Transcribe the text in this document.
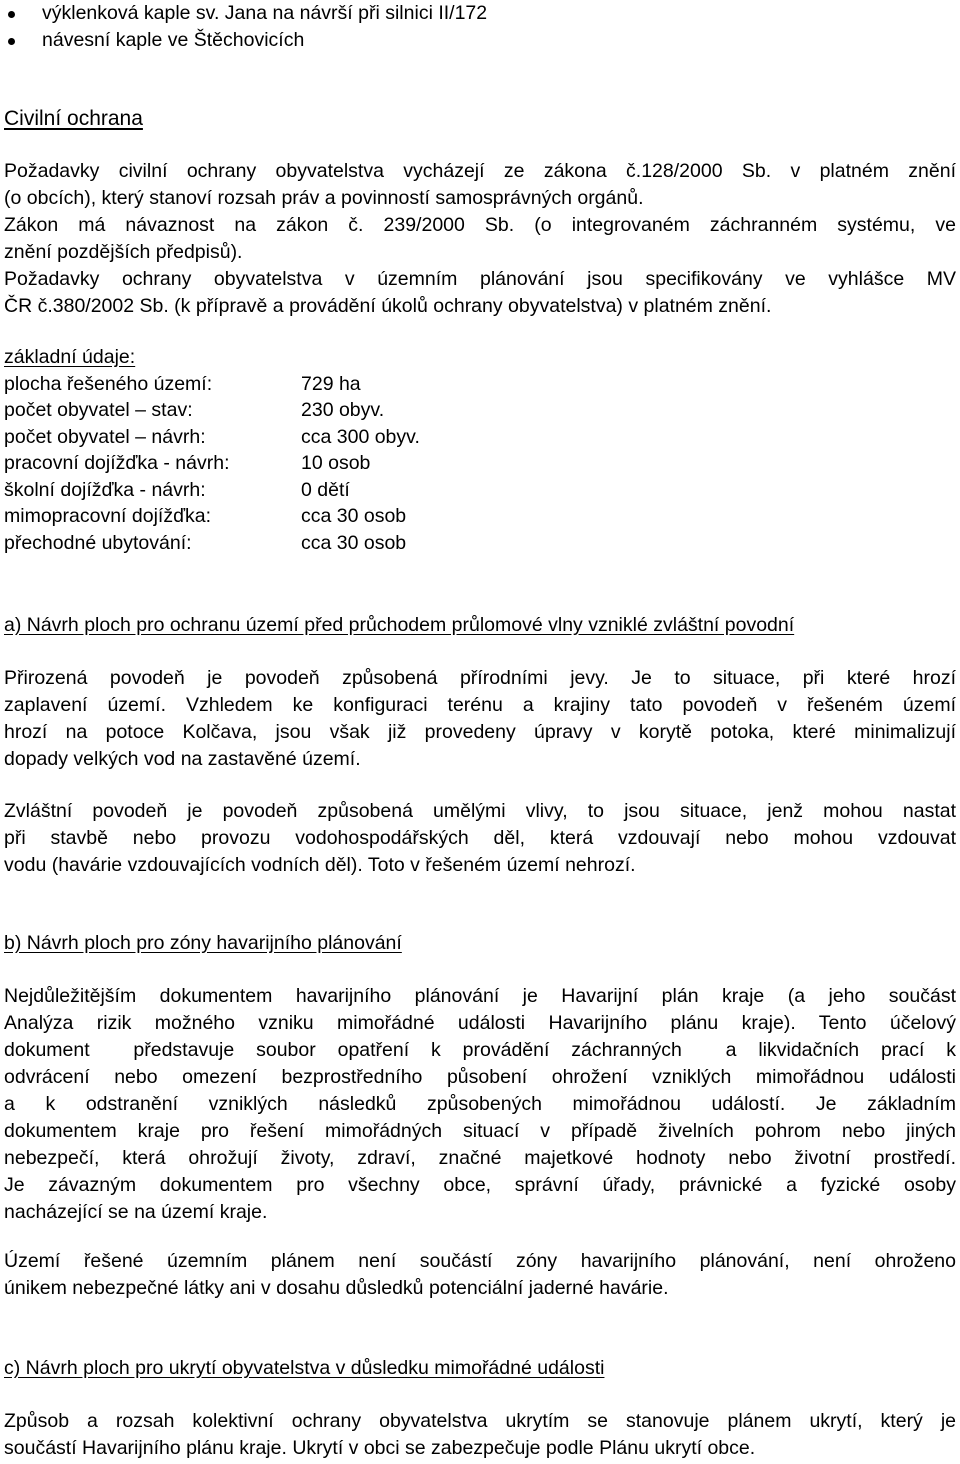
výklenková kaple sv. Jana na návrší při silnici II/172
návesní kaple ve Štěchovicích
Civilní ochrana
Požadavky civilní ochrany obyvatelstva vycházejí ze zákona č.128/2000 Sb. v platném znění
(o obcích), který stanoví rozsah práv a povinností samosprávných orgánů.
Zákon má návaznost na zákon č. 239/2000 Sb. (o integrovaném záchranném systému, ve
znění pozdějších předpisů).
Požadavky ochrany obyvatelstva v územním plánování jsou specifikovány ve vyhlášce MV
ČR č.380/2002 Sb. (k přípravě a provádění úkolů ochrany obyvatelstva) v platném znění.
základní údaje:
plocha řešeného území:	729 ha
počet obyvatel – stav:	230 obyv.
počet obyvatel – návrh:	cca 300 obyv.
pracovní dojížďka - návrh:	10 osob
školní dojížďka - návrh:	0 dětí
mimopracovní dojížďka:	cca 30 osob
přechodné ubytování:	cca 30 osob
a) Návrh ploch pro ochranu území před průchodem průlomové vlny vzniklé zvláštní povodní
Přirozená povodeň je povodeň způsobená přírodními jevy. Je to situace, při které hrozí
zaplavení území. Vzhledem ke konfiguraci terénu a krajiny tato povodeň v řešeném území
hrozí na potoce Kolčava, jsou však již provedeny úpravy v korytě potoka, které minimalizují
dopady velkých vod na zastavěné území.
Zvláštní povodeň je povodeň způsobená umělými vlivy, to jsou situace, jenž mohou nastat
při stavbě nebo provozu vodohospodářských děl, která vzdouvají nebo mohou vzdouvat
vodu (havárie vzdouvajících vodních děl). Toto v řešeném území nehrozí.
b) Návrh ploch pro zóny havarijního plánování
Nejdůležitějším dokumentem havarijního plánování je Havarijní plán kraje (a jeho součást
Analýza rizik možného vzniku mimořádné události Havarijního plánu kraje). Tento účelový
dokument  představuje soubor opatření k provádění záchranných  a likvidačních prací k
odvrácení nebo omezení bezprostředního působení ohrožení vzniklých mimořádnou události
a k odstranění vzniklých následků způsobených mimořádnou událostí. Je základním
dokumentem kraje pro řešení mimořádných situací v případě živelních pohrom nebo jiných
nebezpečí, která ohrožují životy, zdraví, značné majetkové hodnoty nebo životní prostředí.
Je závazným dokumentem pro všechny obce, správní úřady, právnické a fyzické osoby
nacházející se na území kraje.
Území řešené územním plánem není součástí zóny havarijního plánování, není ohroženo
únikem nebezpečné látky ani v dosahu důsledků potenciální jaderné havárie.
c) Návrh ploch pro ukrytí obyvatelstva v důsledku mimořádné události
Způsob a rozsah kolektivní ochrany obyvatelstva ukrytím se stanovuje plánem ukrytí, který je
součástí Havarijního plánu kraje. Ukrytí v obci se zabezpečuje podle Plánu ukrytí obce.
